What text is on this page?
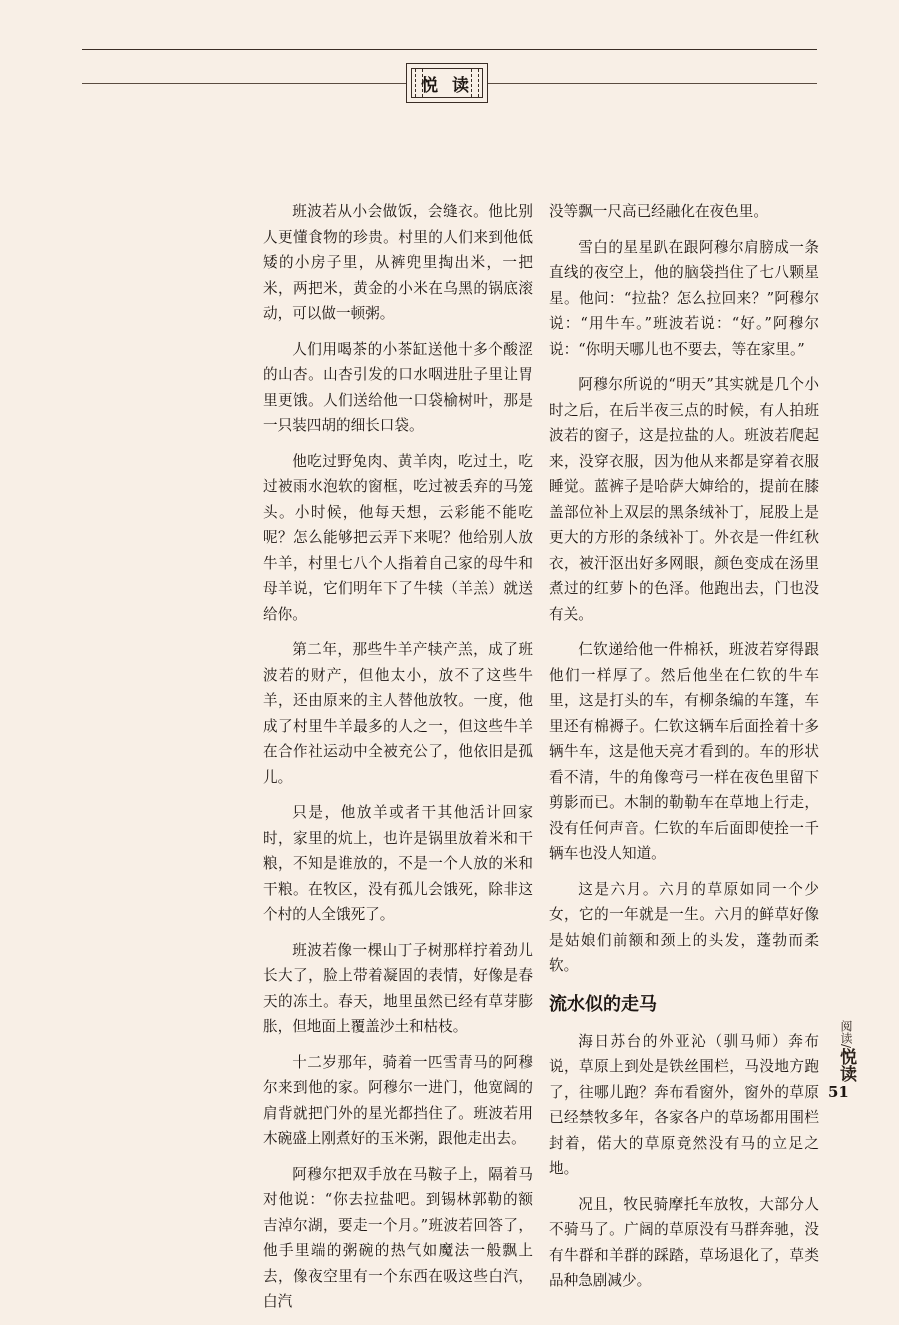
悦 读

班波若从小会做饭，会缝衣。他比别人更懂食物的珍贵。村里的人们来到他低矮的小房子里，从裤兜里掏出米，一把米，两把米，黄金的小米在乌黑的锅底滚动，可以做一顿粥。

人们用喝茶的小茶缸送他十多个酸涩的山杏。山杏引发的口水咽进肚子里让胃里更饿。人们送给他一口袋榆树叶，那是一只装四胡的细长口袋。

他吃过野兔肉、黄羊肉，吃过土，吃过被雨水泡软的窗框，吃过被丢弃的马笼头。小时候，他每天想，云彩能不能吃呢？怎么能够把云弄下来呢？他给别人放牛羊，村里七八个人指着自己家的母牛和母羊说，它们明年下了牛犊（羊羔）就送给你。

第二年，那些牛羊产犊产羔，成了班波若的财产，但他太小，放不了这些牛羊，还由原来的主人替他放牧。一度，他成了村里牛羊最多的人之一，但这些牛羊在合作社运动中全被充公了，他依旧是孤儿。

只是，他放羊或者干其他活计回家时，家里的炕上，也许是锅里放着米和干粮，不知是谁放的，不是一个人放的米和干粮。在牧区，没有孤儿会饿死，除非这个村的人全饿死了。

班波若像一棵山丁子树那样拧着劲儿长大了，脸上带着凝固的表情，好像是春天的冻土。春天，地里虽然已经有草芽膨胀，但地面上覆盖沙土和枯枝。

十二岁那年，骑着一匹雪青马的阿穆尔来到他的家。阿穆尔一进门，他宽阔的肩背就把门外的星光都挡住了。班波若用木碗盛上刚煮好的玉米粥，跟他走出去。

阿穆尔把双手放在马鞍子上，隔着马对他说：“你去拉盐吧。到锡林郭勒的额吉淖尔湖，要走一个月。”班波若回答了，他手里端的粥碗的热气如魔法一般飘上去，像夜空里有一个东西在吸这些白汽，白汽

没等飘一尺高已经融化在夜色里。

雪白的星星趴在跟阿穆尔肩膀成一条直线的夜空上，他的脑袋挡住了七八颗星星。他问：“拉盐？怎么拉回来？”阿穆尔说：“用牛车。”班波若说：“好。”阿穆尔说：“你明天哪儿也不要去，等在家里。”

阿穆尔所说的“明天”其实就是几个小时之后，在后半夜三点的时候，有人拍班波若的窗子，这是拉盐的人。班波若爬起来，没穿衣服，因为他从来都是穿着衣服睡觉。蓝裤子是哈萨大婶给的，提前在膝盖部位补上双层的黑条绒补丁，屁股上是更大的方形的条绒补丁。外衣是一件红秋衣，被汗沤出好多网眼，颜色变成在汤里煮过的红萝卜的色泽。他跑出去，门也没有关。

仁钦递给他一件棉袄，班波若穿得跟他们一样厚了。然后他坐在仁钦的牛车里，这是打头的车，有柳条编的车篷，车里还有棉褥子。仁钦这辆车后面拴着十多辆牛车，这是他天亮才看到的。车的形状看不清，牛的角像弯弓一样在夜色里留下剪影而已。木制的勒勒车在草地上行走，没有任何声音。仁钦的车后面即使拴一千辆车也没人知道。

这是六月。六月的草原如同一个少女，它的一年就是一生。六月的鲜草好像是姑娘们前额和颈上的头发，蓬勃而柔软。

流水似的走马

海日苏台的外亚沁（驯马师）奔布说，草原上到处是铁丝围栏，马没地方跑了，往哪儿跑？奔布看窗外，窗外的草原已经禁牧多年，各家各户的草场都用围栏封着，偌大的草原竟然没有马的立足之地。

况且，牧民骑摩托车放牧，大部分人不骑马了。广阔的草原没有马群奔驰，没有牛群和羊群的踩踏，草场退化了，草类品种急剧减少。

阅读/悦读
51
